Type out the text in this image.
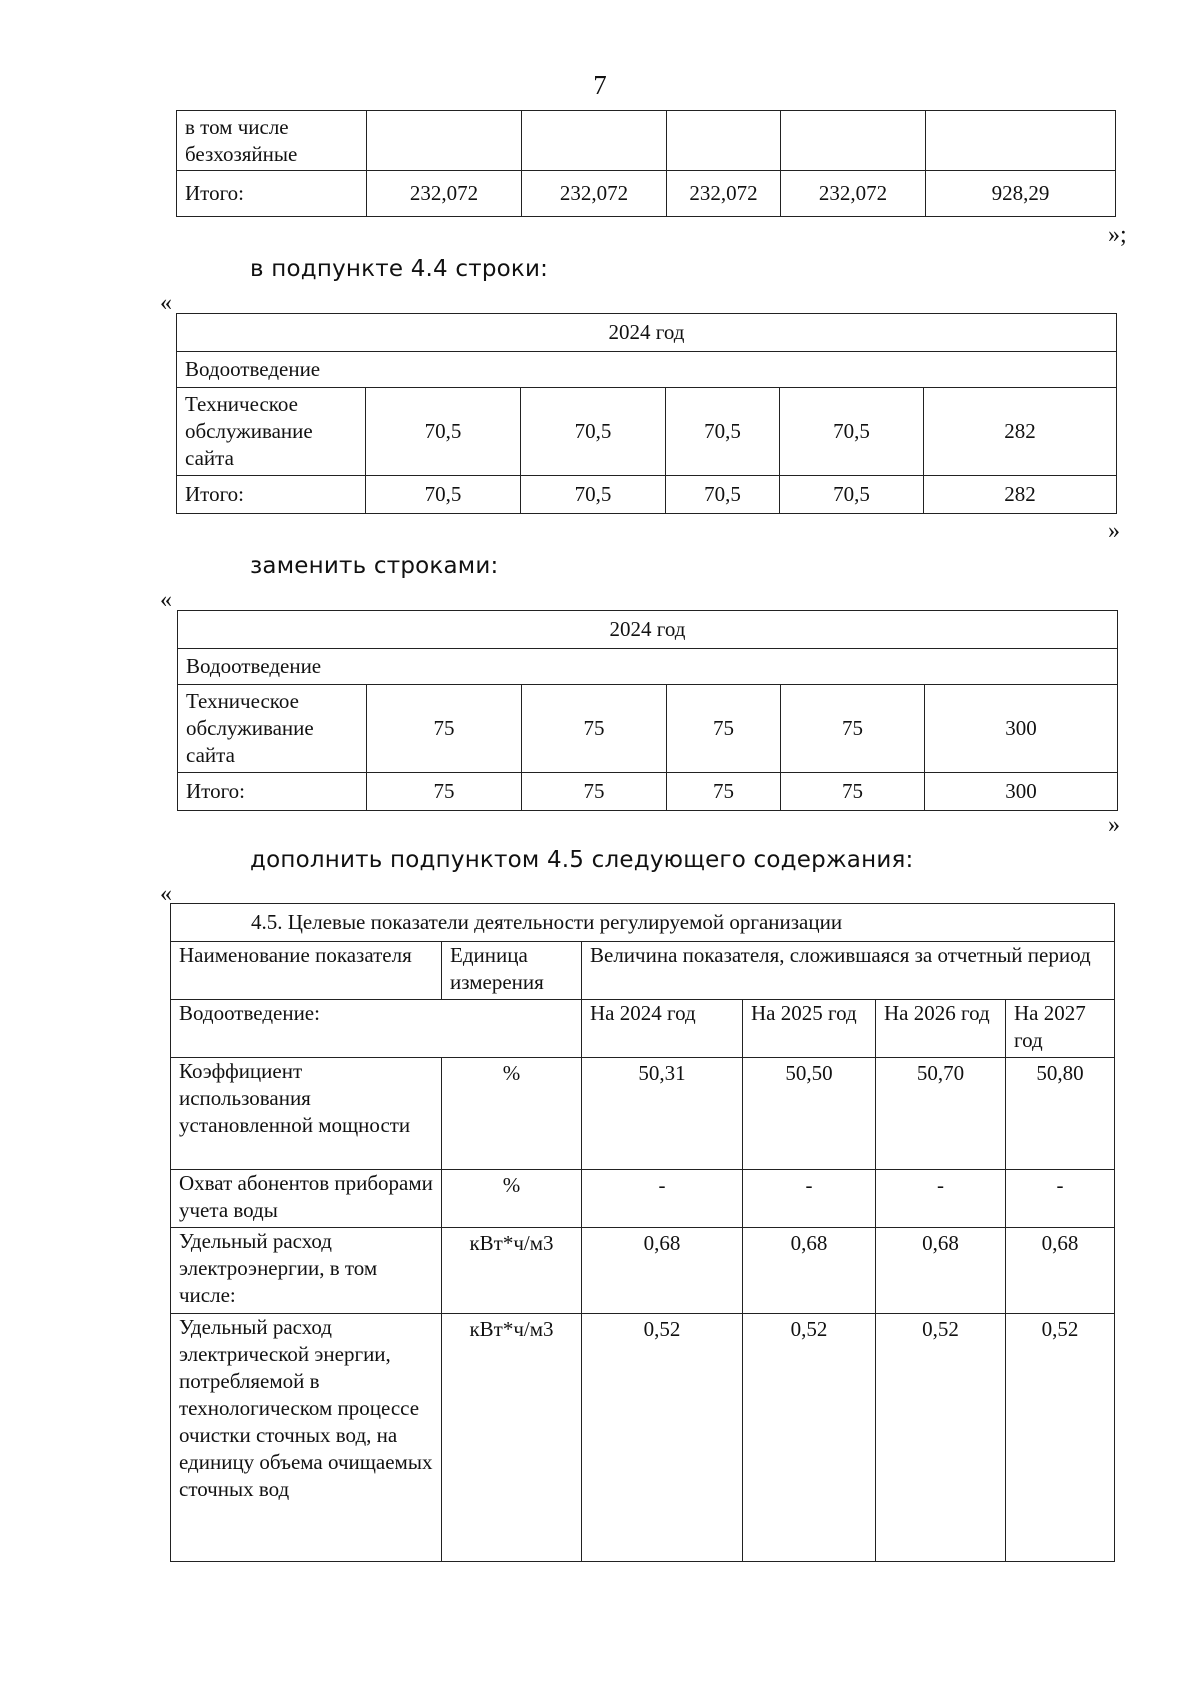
7
в том числе безхозяйные					
Итого:	232,072	232,072	232,072	232,072	928,29
»;
в подпункте 4.4 строки:
«
2024 год					
Водоотведение					
Техническое обслуживание сайта	70,5	70,5	70,5	70,5	282
Итого:	70,5	70,5	70,5	70,5	282
»
заменить строками:
«
2024 год					
Водоотведение					
Техническое обслуживание сайта	75	75	75	75	300
Итого:	75	75	75	75	300
»
дополнить подпунктом 4.5 следующего содержания:
«
4.5. Целевые показатели деятельности регулируемой организации					
Наименование показателя	Единица измерения	Величина показателя, сложившаяся за отчетный период			
Водоотведение:		На 2024 год	На 2025 год	На 2026 год	На 2027 год
Коэффициент использования установленной мощности	%	50,31	50,50	50,70	50,80
Охват абонентов приборами учета воды	%	-	-	-	-
Удельный расход электроэнергии, в том числе:	кВт*ч/м3	0,68	0,68	0,68	0,68
Удельный расход электрической энергии, потребляемой в технологическом процессе очистки сточных вод, на единицу объема очищаемых сточных вод	кВт*ч/м3	0,52	0,52	0,52	0,52
